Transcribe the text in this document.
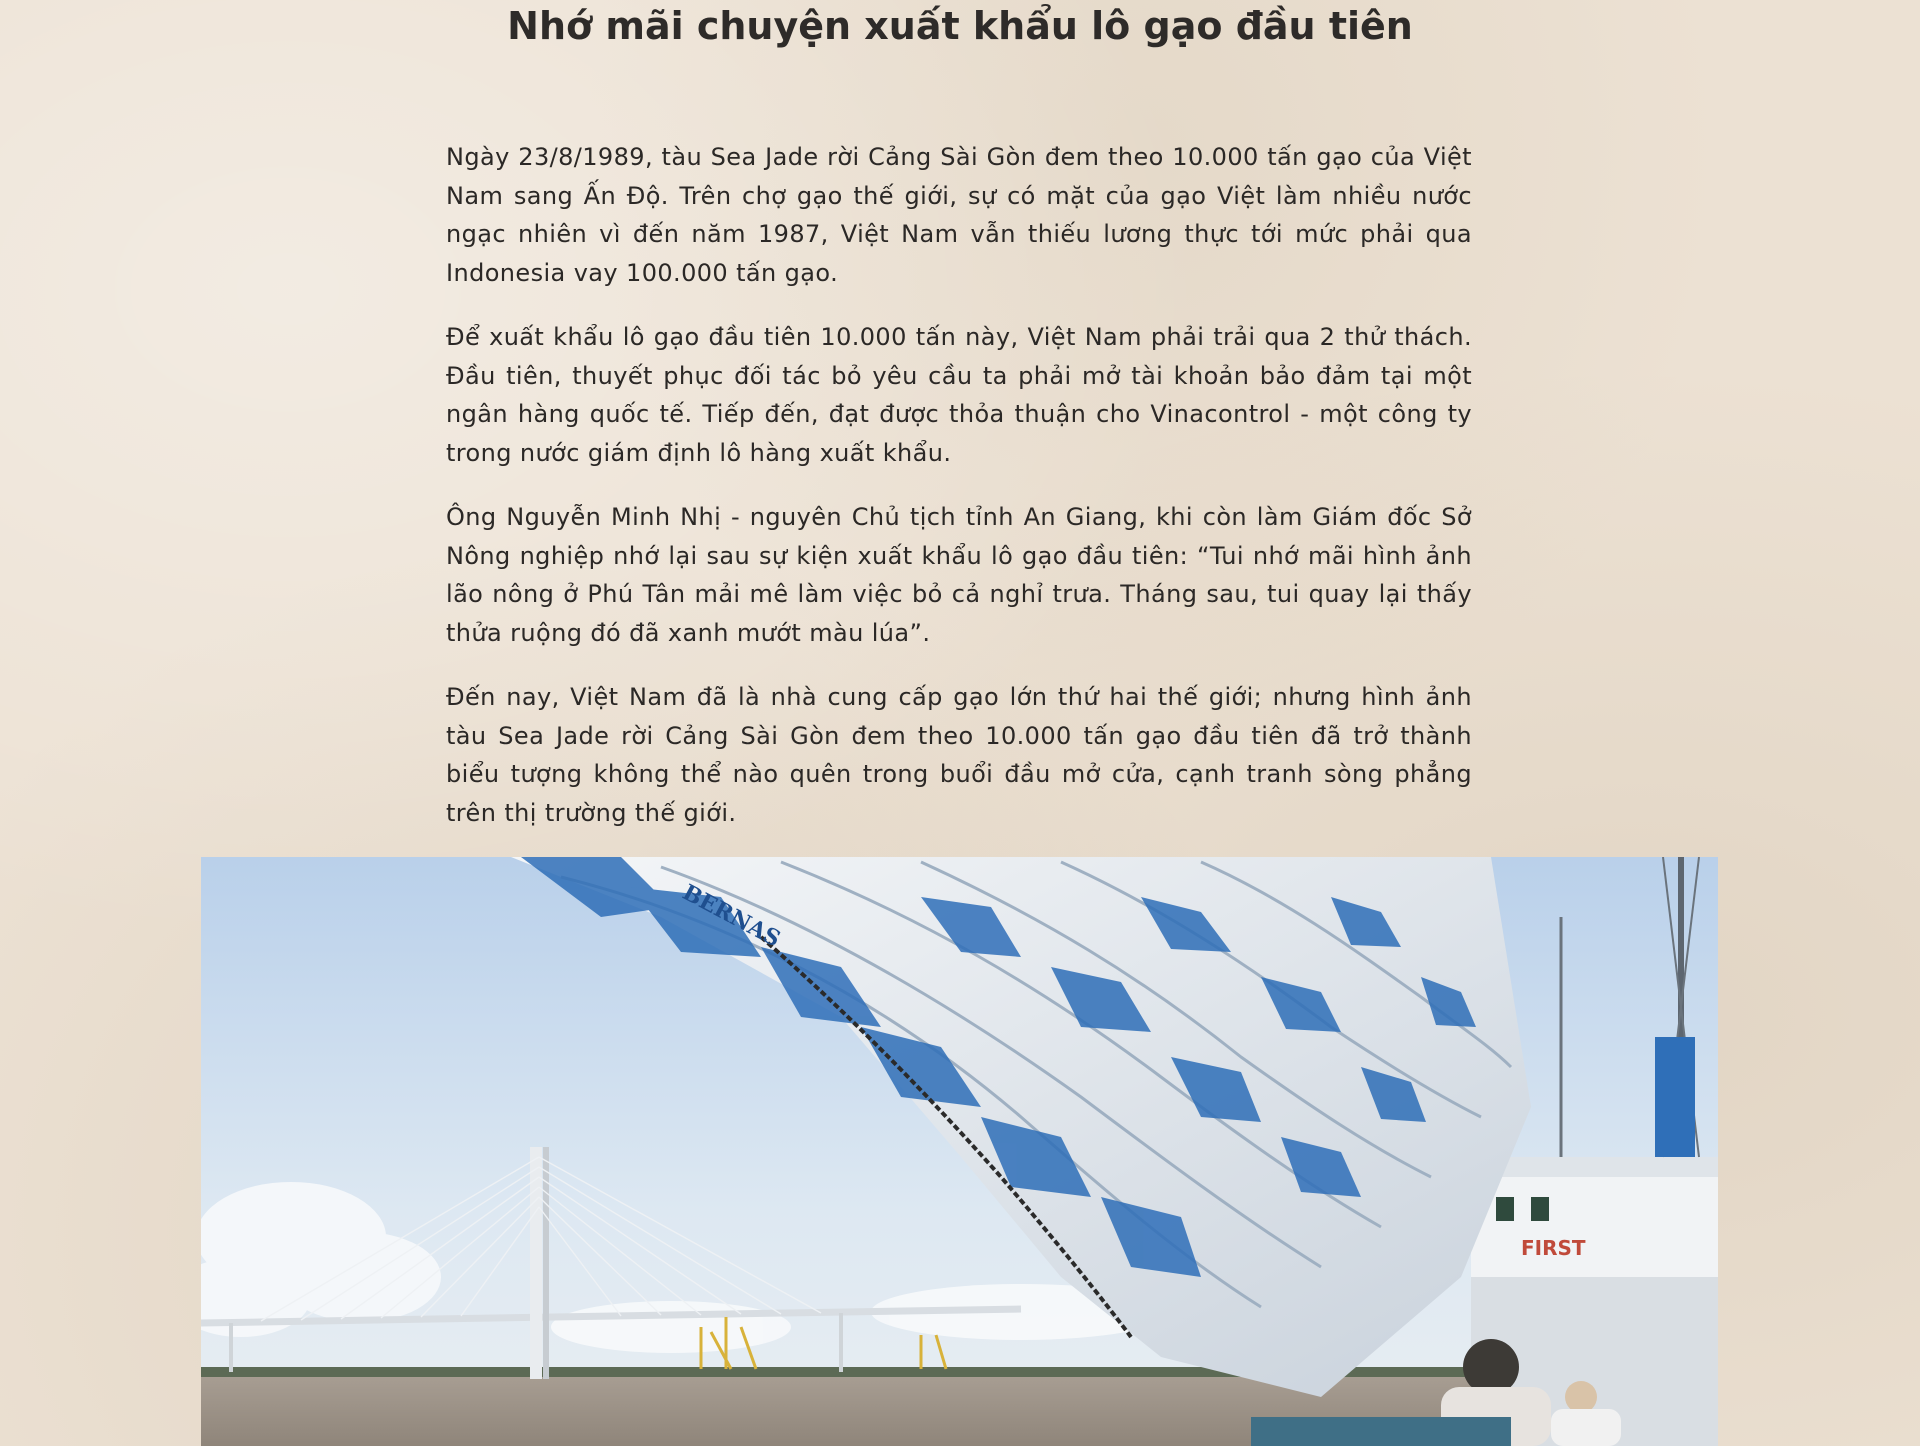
Nhớ mãi chuyện xuất khẩu lô gạo đầu tiên

Ngày 23/8/1989, tàu Sea Jade rời Cảng Sài Gòn đem theo 10.000 tấn gạo của Việt Nam sang Ấn Độ. Trên chợ gạo thế giới, sự có mặt của gạo Việt làm nhiều nước ngạc nhiên vì đến năm 1987, Việt Nam vẫn thiếu lương thực tới mức phải qua Indonesia vay 100.000 tấn gạo.

Để xuất khẩu lô gạo đầu tiên 10.000 tấn này, Việt Nam phải trải qua 2 thử thách. Đầu tiên, thuyết phục đối tác bỏ yêu cầu ta phải mở tài khoản bảo đảm tại một ngân hàng quốc tế. Tiếp đến, đạt được thỏa thuận cho Vinacontrol - một công ty trong nước giám định lô hàng xuất khẩu.

Ông Nguyễn Minh Nhị - nguyên Chủ tịch tỉnh An Giang, khi còn làm Giám đốc Sở Nông nghiệp nhớ lại sau sự kiện xuất khẩu lô gạo đầu tiên: “Tui nhớ mãi hình ảnh lão nông ở Phú Tân mải mê làm việc bỏ cả nghỉ trưa. Tháng sau, tui quay lại thấy thửa ruộng đó đã xanh mướt màu lúa”.

Đến nay, Việt Nam đã là nhà cung cấp gạo lớn thứ hai thế giới; nhưng hình ảnh tàu Sea Jade rời Cảng Sài Gòn đem theo 10.000 tấn gạo đầu tiên đã trở thành biểu tượng không thể nào quên trong buổi đầu mở cửa, cạnh tranh sòng phẳng trên thị trường thế giới.

FIRST
BERNAS
